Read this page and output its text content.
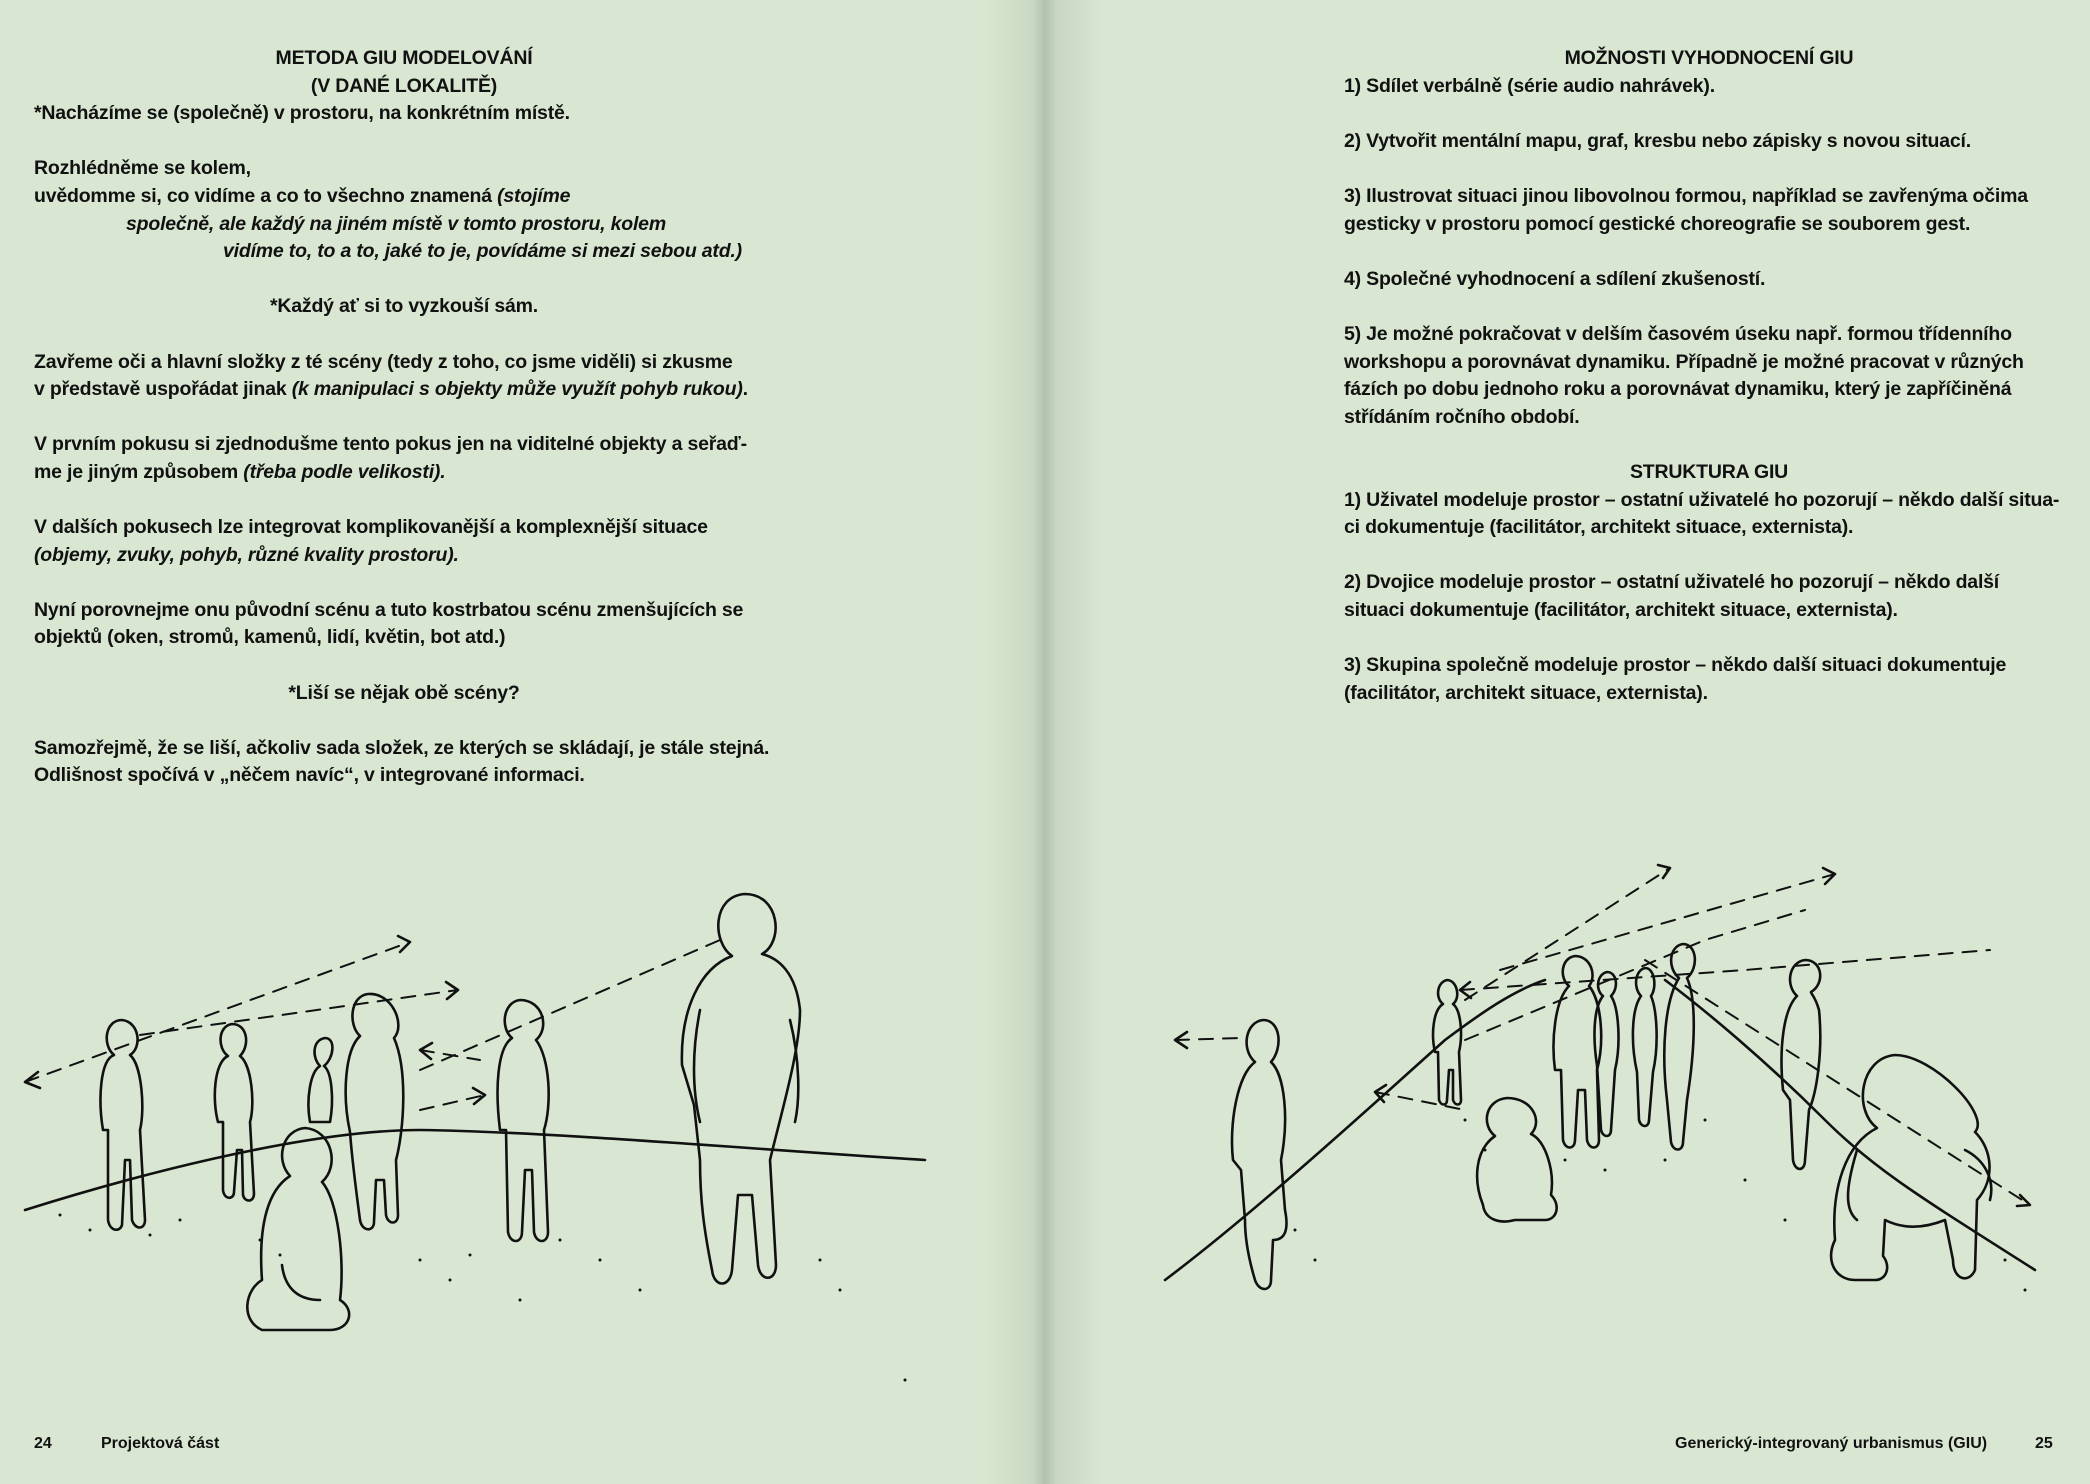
METODA GIU MODELOVÁNÍ

(V DANÉ LOKALITĚ)

*Nacházíme se (společně) v prostoru, na konkrétním místě.

Rozhlédněme se kolem,

uvědomme si, co vidíme a co to všechno znamená (stojíme

společně, ale každý na jiném místě v tomto prostoru, kolem

vidíme to, to a to, jaké to je, povídáme si mezi sebou atd.)

*Každý ať si to vyzkouší sám.

Zavřeme oči a hlavní složky z té scény (tedy z toho, co jsme viděli) si zkusme

v představě uspořádat jinak (k manipulaci s objekty může využít pohyb rukou).

V prvním pokusu si zjednodušme tento pokus jen na viditelné objekty a seřaď-

me je jiným způsobem (třeba podle velikosti).

V dalších pokusech lze integrovat komplikovanější a komplexnější situace

(objemy, zvuky, pohyb, různé kvality prostoru).

Nyní porovnejme onu původní scénu a tuto kostrbatou scénu zmenšujících se

objektů (oken, stromů, kamenů, lidí, květin, bot atd.)

*Liší se nějak obě scény?

Samozřejmě, že se liší, ačkoliv sada složek, ze kterých se skládají, je stále stejná.

Odlišnost spočívá v „něčem navíc“, v integrované informaci.

24	Projektová část

MOŽNOSTI VYHODNOCENÍ GIU

1) Sdílet verbálně (série audio nahrávek).

2) Vytvořit mentální mapu, graf, kresbu nebo zápisky s novou situací.

3) Ilustrovat situaci jinou libovolnou formou, například se zavřenýma očima

gesticky v prostoru pomocí gestické choreografie se souborem gest.

4) Společné vyhodnocení a sdílení zkušeností.

5) Je možné pokračovat v delším časovém úseku např. formou třídenního

workshopu a porovnávat dynamiku. Případně je možné pracovat v různých

fázích po dobu jednoho roku a porovnávat dynamiku, který je zapříčiněná

střídáním ročního období.

STRUKTURA GIU

1) Uživatel modeluje prostor – ostatní uživatelé ho pozorují – někdo další situa-

ci dokumentuje (facilitátor, architekt situace, externista).

2) Dvojice modeluje prostor – ostatní uživatelé ho pozorují – někdo další

situaci dokumentuje (facilitátor, architekt situace, externista).

3) Skupina společně modeluje prostor – někdo další situaci dokumentuje

(facilitátor, architekt situace, externista).

Generický-integrovaný urbanismus (GIU)	25
